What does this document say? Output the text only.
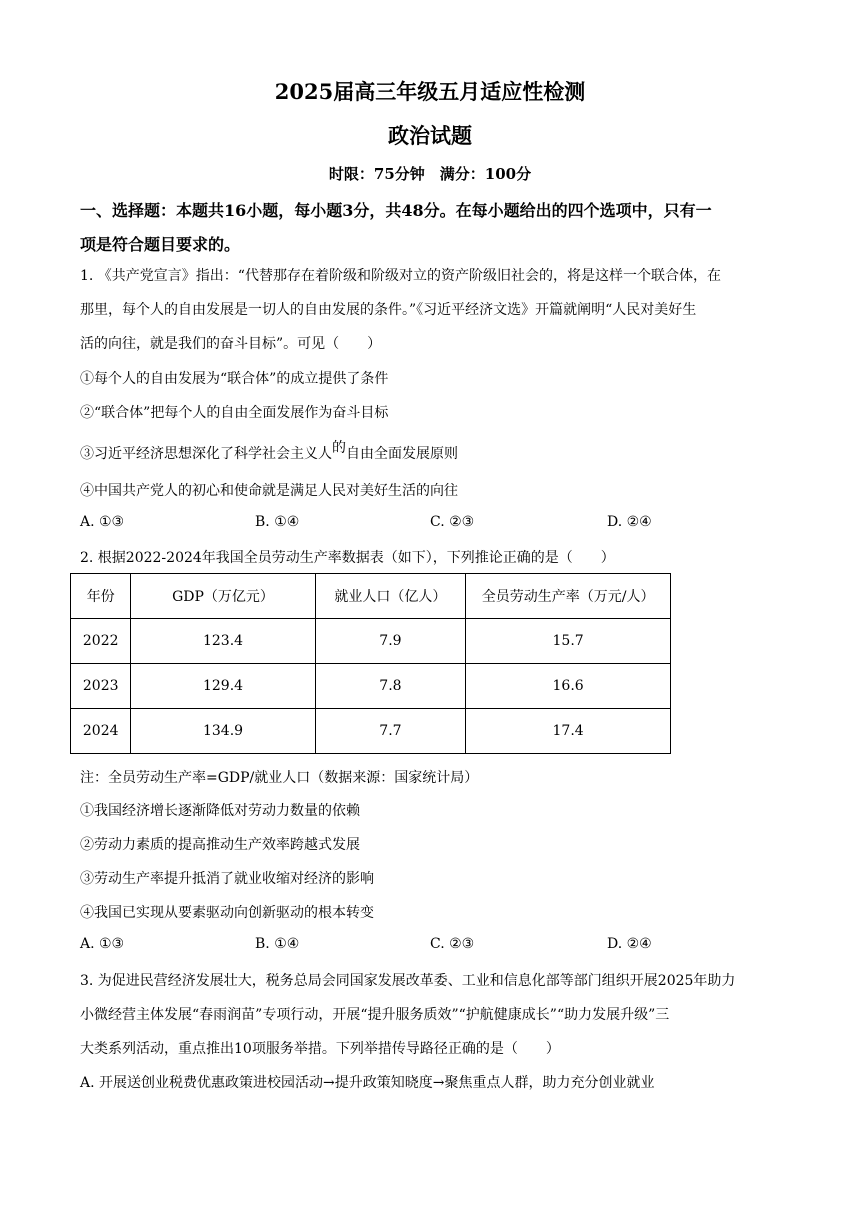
2025届高三年级五月适应性检测
政治试题
时限：75分钟　满分：100分
一、选择题：本题共16小题，每小题3分，共48分。在每小题给出的四个选项中，只有一
项是符合题目要求的。
1. 《共产党宣言》指出：“代替那存在着阶级和阶级对立的资产阶级旧社会的，将是这样一个联合体，在
那里，每个人的自由发展是一切人的自由发展的条件。”《习近平经济文选》开篇就阐明“人民对美好生
活的向往，就是我们的奋斗目标”。可见（　　）
①每个人的自由发展为“联合体”的成立提供了条件
②“联合体”把每个人的自由全面发展作为奋斗目标
③习近平经济思想深化了科学社会主义人的自由全面发展原则
④中国共产党人的初心和使命就是满足人民对美好生活的向往
A. ①③	B. ①④	C. ②③	D. ②④
2. 根据2022-2024年我国全员劳动生产率数据表（如下），下列推论正确的是（　　）
年份	GDP（万亿元）	就业人口（亿人）	全员劳动生产率（万元/人）
2022	123.4	7.9	15.7
2023	129.4	7.8	16.6
2024	134.9	7.7	17.4
注：全员劳动生产率=GDP/就业人口（数据来源：国家统计局）
①我国经济增长逐渐降低对劳动力数量的依赖
②劳动力素质的提高推动生产效率跨越式发展
③劳动生产率提升抵消了就业收缩对经济的影响
④我国已实现从要素驱动向创新驱动的根本转变
A. ①③	B. ①④	C. ②③	D. ②④
3. 为促进民营经济发展壮大，税务总局会同国家发展改革委、工业和信息化部等部门组织开展2025年助力
小微经营主体发展“春雨润苗”专项行动，开展“提升服务质效”“护航健康成长”“助力发展升级”三
大类系列活动，重点推出10项服务举措。下列举措传导路径正确的是（　　）
A. 开展送创业税费优惠政策进校园活动→提升政策知晓度→聚焦重点人群，助力充分创业就业
